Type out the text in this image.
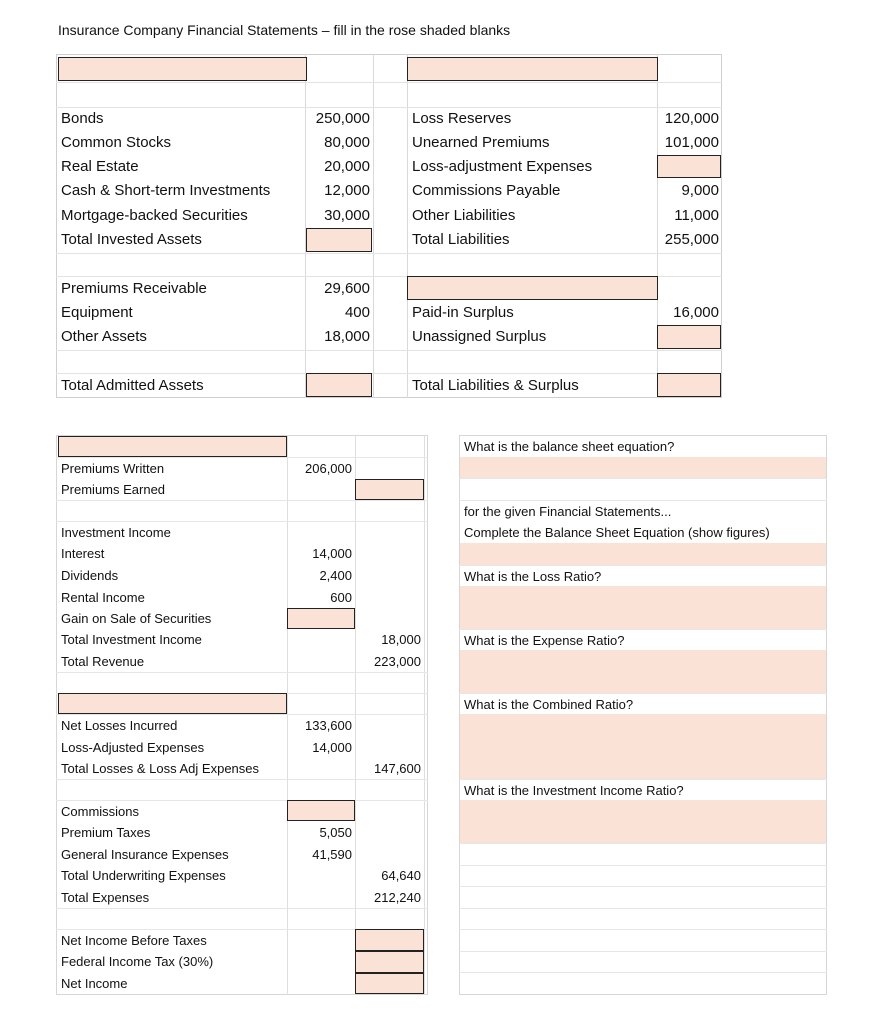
Insurance Company Financial Statements – fill in the rose shaded blanks
Bonds
Common Stocks
Real Estate
Cash & Short-term Investments
Mortgage-backed Securities
Total Invested Assets
Premiums Receivable
Equipment
Other Assets
Total Admitted Assets
250,000
80,000
20,000
12,000
30,000
29,600
400
18,000
Loss Reserves
Unearned Premiums
Loss-adjustment Expenses
Commissions Payable
Other Liabilities
Total Liabilities
Paid-in Surplus
Unassigned Surplus
Total Liabilities & Surplus
120,000
101,000
9,000
11,000
255,000
16,000
Premiums Written
Premiums Earned
Investment Income
Interest
Dividends
Rental Income
Gain on Sale of Securities
Total Investment Income
Total Revenue
Net Losses Incurred
Loss-Adjusted Expenses
Total Losses & Loss Adj Expenses
Commissions
Premium Taxes
General Insurance Expenses
Total Underwriting Expenses
Total Expenses
Net Income Before Taxes
Federal Income Tax (30%)
Net Income
206,000
14,000
2,400
600
133,600
14,000
5,050
41,590
18,000
223,000
147,600
64,640
212,240
What is the balance sheet equation?
for the given Financial Statements...
Complete the Balance Sheet Equation (show figures)
What is the Loss Ratio?
What is the Expense Ratio?
What is the Combined Ratio?
What is the Investment Income Ratio?
